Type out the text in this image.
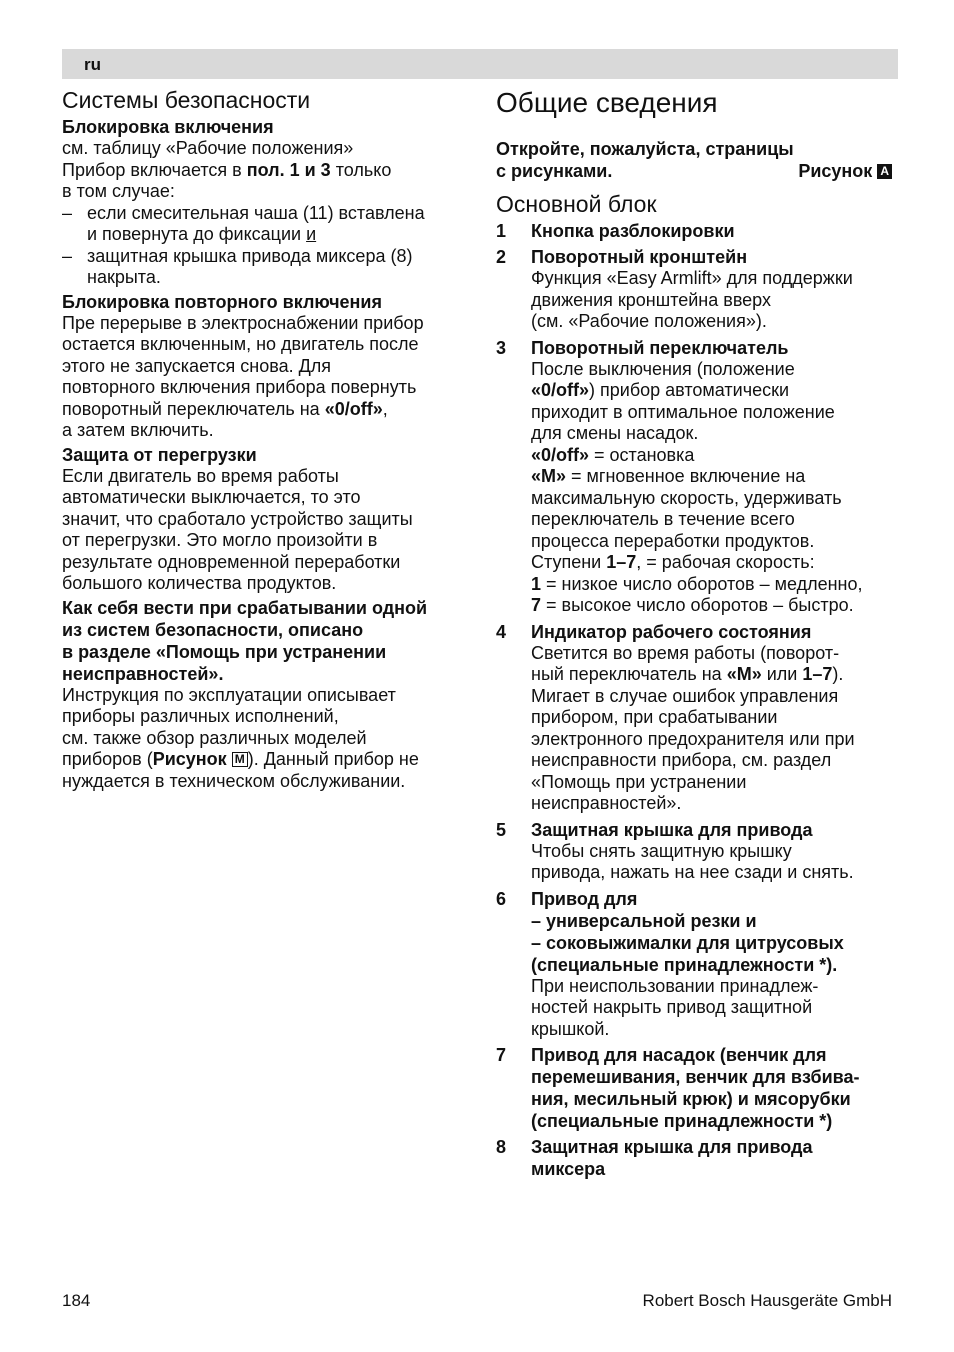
ru
Системы безопасности
Блокировка включения

см. таблицу «Рабочие положения»

Прибор включается в пол. 1 и 3 только

в том случае:

– если смесительная чаша (11) вставлена
и повернута до фиксации и
– защитная крышка привода миксера (8)
накрыта.
Блокировка повторного включения

Пре перерыве в электроснабжении прибор
остается включенным, но двигатель после
этого не запускается снова. Для
повторного включения прибора повернуть
поворотный переключатель на «0/off»,
а затем включить.

Защита от перегрузки

Если двигатель во время работы
автоматически выключается, то это
значит, что сработало устройство защиты
от перегрузки. Это могло произойти в
результате одновременной переработки
большого количества продуктов.

Как себя вести при срабатывании одной
из систем безопасности, описано
в разделе «Помощь при устранении
неисправностей».

Инструкция по эксплуатации описывает
приборы различных исполнений,
см. также обзор различных моделей
приборов (Рисунок M ). Данный прибор не
нуждается в техническом обслуживании.

Общие сведения
Откройте, пожалуйста, страницы
с рисунками.	Рисунок A
Основной блок
1	Кнопка разблокировки
2	Поворотный кронштейн

Функция «Easy Armlift» для поддержки
движения кронштейна вверх
(см. «Рабочие положения»).

3	Поворотный переключатель

После выключения (положение
«0/off») прибор автоматически
приходит в оптимальное положение
для смены насадок.
«0/off» = остановка
«M» = мгновенное включение на
максимальную скорость, удерживать
переключатель в течение всего
процесса переработки продуктов.
Ступени 1–7, = рабочая скорость:
1 = низкое число оборотов – медленно,
7 = высокое число оборотов – быстро.

4	Индикатор рабочего состояния

Светится во время работы (поворот-
ный переключатель на «M» или 1–7).
Мигает в случае ошибок управления
прибором, при срабатывании
электронного предохранителя или при
неисправности прибора, см. раздел
«Помощь при устранении
неисправностей».

5	Защитная крышка для привода

Чтобы снять защитную крышку
привода, нажать на нее сзади и снять.

6	Привод для
– универсальной резки и
– соковыжималки для цитрусовых
(специальные принадлежности *).

При неиспользовании принадлеж-
ностей накрыть привод защитной
крышкой.

7	Привод для насадок (венчик для
перемешивания, венчик для взбива-
ния, месильный крюк) и мясорубки
(специальные принадлежности *)
8	Защитная крышка для привода
миксера
184	Robert Bosch Hausgeräte GmbH
